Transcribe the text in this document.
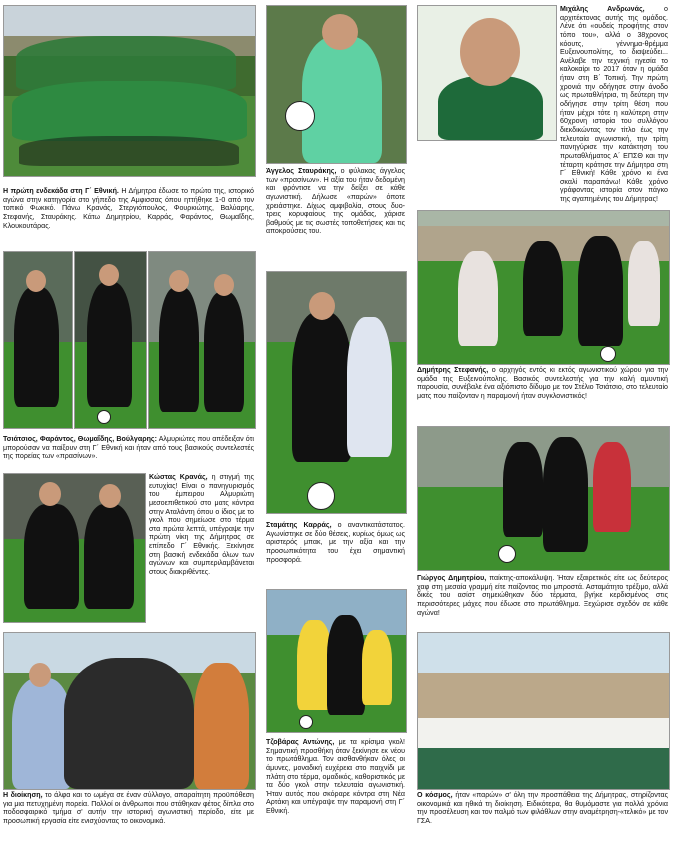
Μιχάλης Ανδρωνάς, ο αρχιτέκτονας αυτής της ομάδος. Λένε ότι «ουδείς προφήτης στον τόπο του», αλλά ο 38χρονος κόουτς, γέννημα-θρέμμα Ευξεινουπολίτης, το διαψεύδει... Ανέλαβε την τεχνική ηγεσία το καλοκαίρι το 2017 όταν η ομάδα ήταν στη Β΄ Τοπική. Την πρώτη χρονιά την οδήγησε στην άνοδο ως πρωταθλήτρια, τη δεύτερη την οδήγησε στην τρίτη θέση που ήταν μέχρι τότε η καλύτερη στην 60χρονη ιστορία του συλλόγου διεκδικώντας τον τίτλο έως την τελευταία αγωνιστική, την τρίτη πανηγύρισε την κατάκτηση του πρωταθλήματος Α΄ ΕΠΣΘ και την τέταρτη κράτησε την Δήμητρα στη Γ΄ Εθνική! Κάθε χρόνο κι ένα σκαλί παραπάνω! Κάθε χρόνο γράφοντας ιστορία στον πάγκο της αγαπημένης του Δήμητρας!
Η πρώτη ενδεκάδα στη Γ΄ Εθνική. Η Δήμητρα έδωσε το πρώτο της, ιστορικό αγώνα στην κατηγορία στο γήπεδο της Αμφισσας όπου ηττήθηκε 1-0 από τον τοπικό Φωκικό. Πάνω Κρανάς, Στεργιόπουλος, Φουρκιώτης, Βαλύαρης, Στεφανής, Σταυράκης. Κάτω Δημητρίου, Καρράς, Φαράντος, Θωμαΐδης, Κλουκουτάρας.
Άγγελος Σταυράκης, ο φύλακας άγγελος των «πρασίνων». Η αξία του ήταν δεδομένη και φρόντισε να την δείξει σε κάθε αγωνιστική. Δήλωσε «παρών» όποτε χρειάστηκε. Δίχως αμφιβολία, στους δυο-τρεις κορυφαίους της ομάδας, χάρισε βαθμούς με τις σωστές τοποθετήσεις και τις αποκρούσεις του.
Τσιάτσιος, Φαράντος, Θωμαΐδης, Βούλγαρης: Αλμυριώτες που απέδειξαν ότι μπορούσαν να παίξουν στη Γ΄ Εθνική και ήταν από τους βασικούς συντελεστές της πορείας των «πρασίνων».
Σταμάτης Καρράς, ο αναντικατάστατος. Αγωνίστηκε σε δύο θέσεις, κυρίως όμως ως αριστερός μπακ, με την αξία και την προσωπικότητα του έχει σημαντική προσφορά.
Δημήτρης Στεφανής, ο αρχηγός εντός κι εκτός αγωνιστικού χώρου για την ομάδα της Ευξεινούπολης. Βασικός συντελεστής για την καλή αμυντική παρουσία, συνέβαλε ένα αξιόπιστο δίδυμο με τον Στέλιο Τσιάτσιο, στο τελευταίο ματς που παίζονταν η παραμονή ήταν συγκλονιστικός!
Κώστας Κρανάς, η στιγμή της ευτυχίας! Είναι ο πανηγυρισμός του έμπειρου Αλμυριώτη μεσοεπιθετικού στο ματς κόντρα στην Αταλάντη όπου ο ίδιος με το γκολ που σημείωσε στο τέρμα στα πρώτα λεπτά, υπέγραψε την πρώτη νίκη της Δήμητρας σε επίπεδο Γ΄ Εθνικής. Ξεκίνησε στη βασική ενδεκάδα όλων των αγώνων και συμπεριλαμβάνεται στους διακριθέντες.
Γιώργος Δημητρίου, παίκτης-αποκάλυψη. Ήταν εξαιρετικός είτε ως δεύτερος χαφ στη μεσαία γραμμή είτε παίζοντας πιο μπροστά. Ασταμάτητο τρέξιμο, αλλά δικές του ασίστ σημειώθηκαν δύο τέρματα, βγήκε κερδισμένος στις περισσότερες μάχες που έδωσε στο πρωτάθλημα. Ξεχώρισε σχεδόν σε κάθε αγώνα!
Τζοβάρας Αντώνης, με τα κρίσιμα γκολ! Σημαντική προσθήκη όταν ξεκίνησε εκ νέου το πρωτάθλημα. Τον αισθανθήκαν όλες οι άμυνες, μοναδική ευχέρεια στο παιχνίδι με πλάτη στο τέρμα, ομαδικός, καθοριστικός με τα δύο γκολ στην τελευταία αγωνιστική. Ήταν αυτός που σκόραρε κόντρα στη Νέα Αρτάκη και υπέγραψε την παραμονή στη Γ΄ Εθνική.
Η διοίκηση, το άλφα και το ωμέγα σε έναν σύλλογο, απαραίτητη προϋπόθεση για μια πετυχημένη πορεία. Πολλοί οι άνθρωποι που στάθηκαν φέτος δίπλα στο ποδοσφαιρικό τμήμα σ' αυτήν την ιστορική αγωνιστική περίοδο, είτε με προσωπική εργασία είτε ενισχύοντας το οικονομικά.
Ο κόσμος, ήταν «παρών» σ' όλη την προσπάθεια της Δήμητρας, στηρίζοντας οικονομικά και ηθικά τη διοίκηση. Ειδικότερα, θα θυμόμαστε για πολλά χρόνια την προσέλευση και τον παλμό των φιλάθλων στην αναμέτρηση-«τελικό» με τον ΓΣΑ.
